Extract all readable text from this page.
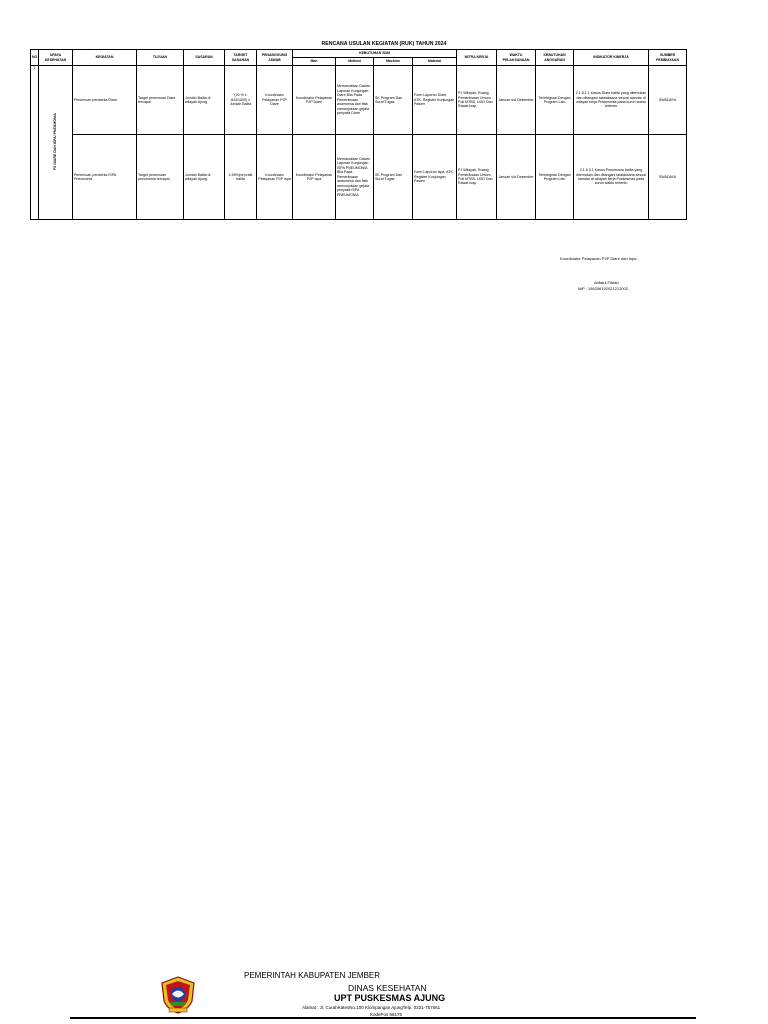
RENCANA USULAN KEGIATAN (RUK) TAHUN 2024
NO	UPAYA KESEHATAN	KEGIATAN	TUJUAN	SASARAN	TARGET SASARAN	PENANGGUNG JAWAB	KEBUTUHAN SDM				MITRA KERJA	WAKTU PELAKSANAAN	KEBUTUHAN ANGGARAN	INDIKATOR KINERJA	SUMBER PEMBIAYAAN
							Man	Method	Machine	Material					
1	P2 DIARE DAN ISPA/ PNEUMONIA	Penemuan penderita Diare	Target penemuan Diare tercapai	Jumlah Balita di wilayah Ajung	(20 % x 843/1000) x Jumlah Balita	Koordinator Pelayanan P2P Diare	Koordinator Pelayanan P2P Diare	Memasukkan Dalam Laporan Kunjungan Diare Bila Pada Pemeriksaan anamnesa dan fisik menunjukkan gejala penyakit Diare	SK Program Dan Surat Tugas	Form Laporan Diare, ATK, Register Kunjungan Pasien	PJ Wilayah, Ruang Pemeriksaan Umum, Poli MTBS, UGD Dan Rawat Inap	Januari s/d Desember	Terintegrasi Dengan Program Lain	2.1.5.1.1 Kasus Diare balita yang ditemukan dan ditangani tatalaksana sesuai standar di wilayah kerja Puskesmas pada kurun waktu tertentu	SWADAYA
		Penemuan penderita ISPA Pneumonia	Target penemuan pneumonia tercapai	Jumlah Balita di wilayah Ajung	4,45%jml prakt balita	Koordinator Pelayanan P2P Ispa	Koordinator Pelayanan P2P Ispa	Memasukkan Dalam Laporan Kunjungan ISPA PNEUMONIA Bila Pada Pemeriksaan anamnesa dan fisik menunjukkan gejala penyakit ISPA PNEUMONIA	SK Program Dan Surat Tugas	Form Laporan Ispa, ATK, Register Kunjungan Pasien	PJ Wilayah, Ruang Pemeriksaan Umum, Poli MTBS, UGD Dan Rawat Inap	Januari s/d Desember	Terintegrasi Dengan Program Lain	2.1.5.3.1 Kasus Pneumonia balita yang ditemukan dan ditangani tatalaksana sesuai standar di wilayah kerja Puskesmas pada kurun waktu tertentu	SWADAYA
Koordinator Pelayanan P2P Diare dan Ispa
Arifatul Fitriah
NIP : 198206192021212002
PEMERINTAH KABUPATEN JEMBER
DINAS KESEHATAN
UPT PUSKESMAS AJUNG
Alamat : Jl. CurahKatesNo.100 Klompangan AjungTelp. 0331-757661
KodePos 68175
